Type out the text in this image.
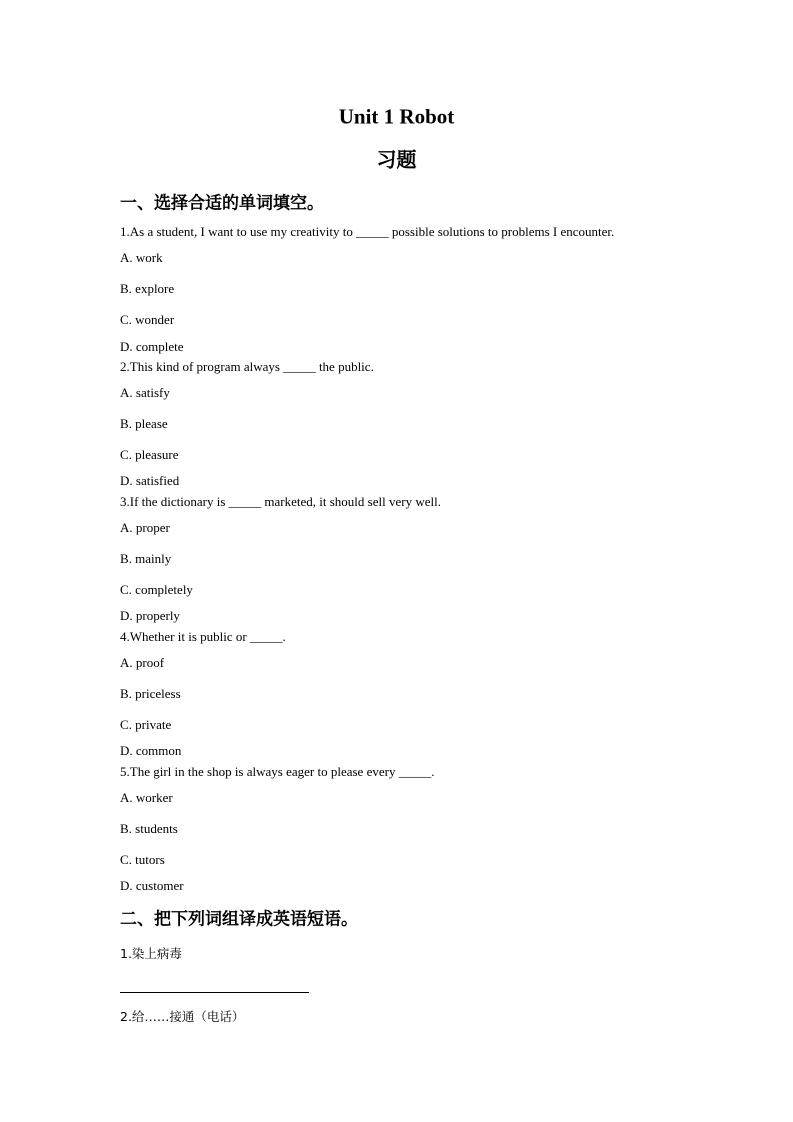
Unit 1 Robot
习题
一、选择合适的单词填空。
1.As a student, I want to use my creativity to _____ possible solutions to problems I encounter.
A. work
B. explore
C. wonder
D. complete
2.This kind of program always _____ the public.
A. satisfy
B. please
C. pleasure
D. satisfied
3.If the dictionary is _____ marketed, it should sell very well.
A. proper
B. mainly
C. completely
D. properly
4.Whether it is public or _____.
A. proof
B. priceless
C. private
D. common
5.The girl in the shop is always eager to please every _____.
A. worker
B. students
C. tutors
D. customer
二、把下列词组译成英语短语。
1.染上病毒
2.给……接通（电话）
